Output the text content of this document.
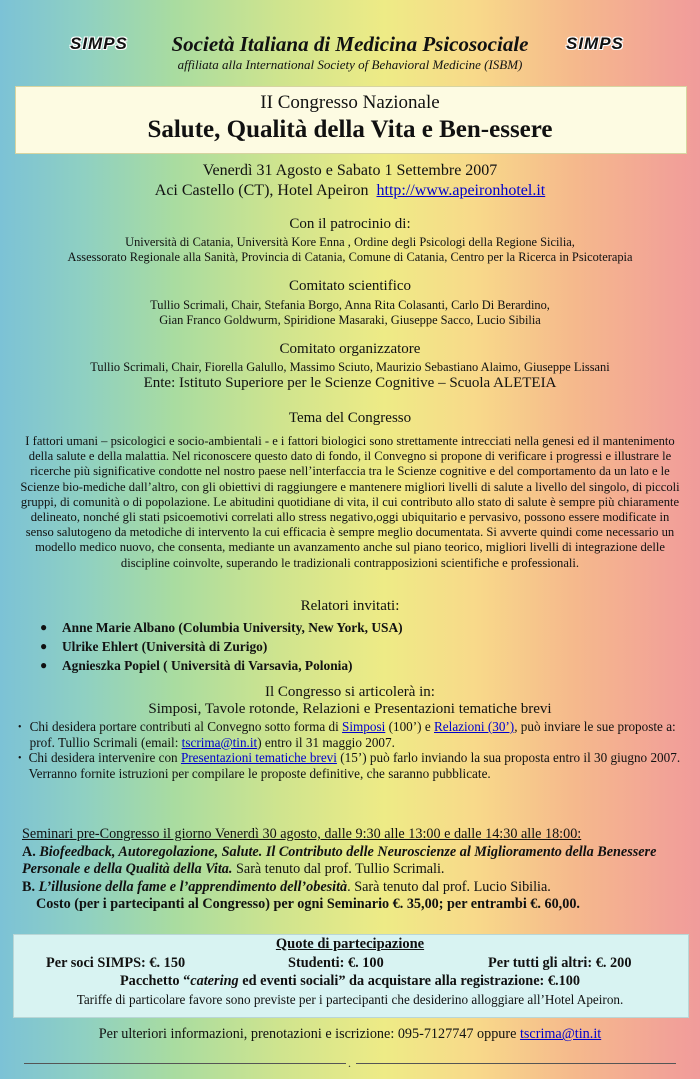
SIMPS	SIMPS
Società Italiana di Medicina Psicosociale
affiliata alla International Society of Behavioral Medicine (ISBM)
II Congresso Nazionale
Salute, Qualità della Vita e Ben-essere
Venerdì 31 Agosto e Sabato 1 Settembre 2007
Aci Castello (CT), Hotel Apeiron http://www.apeironhotel.it
Con il patrocinio di:
Università di Catania, Università Kore Enna , Ordine degli Psicologi della Regione Sicilia,
Assessorato Regionale alla Sanità, Provincia di Catania, Comune di Catania, Centro per la Ricerca in Psicoterapia
Comitato scientifico
Tullio Scrimali, Chair, Stefania Borgo, Anna Rita Colasanti, Carlo Di Berardino,
Gian Franco Goldwurm, Spiridione Masaraki, Giuseppe Sacco, Lucio Sibilia
Comitato organizzatore
Tullio Scrimali, Chair, Fiorella Galullo, Massimo Sciuto, Maurizio Sebastiano Alaimo, Giuseppe Lissani
Ente: Istituto Superiore per le Scienze Cognitive – Scuola ALETEIA
Tema del Congresso
I fattori umani – psicologici e socio-ambientali - e i fattori biologici sono strettamente intrecciati nella genesi ed il mantenimento della salute e della malattia. Nel riconoscere questo dato di fondo, il Convegno si propone di verificare i progressi e illustrare le ricerche più significative condotte nel nostro paese nell’interfaccia tra le Scienze cognitive e del comportamento da un lato e le Scienze bio-mediche dall’altro, con gli obiettivi di raggiungere e mantenere migliori livelli di salute a livello del singolo, di piccoli gruppi, di comunità o di popolazione. Le abitudini quotidiane di vita, il cui contributo allo stato di salute è sempre più chiaramente delineato, nonché gli stati psicoemotivi correlati allo stress negativo,oggi ubiquitario e pervasivo, possono essere modificate in senso salutogeno da metodiche di intervento la cui efficacia è sempre meglio documentata. Si avverte quindi come necessario un modello medico nuovo, che consenta, mediante un avanzamento anche sul piano teorico, migliori livelli di integrazione delle discipline coinvolte, superando le tradizionali contrapposizioni scientifiche e professionali.
Relatori invitati:
●	Anne Marie Albano (Columbia University, New York, USA)
●	Ulrike Ehlert (Università di Zurigo)
●	Agnieszka Popiel ( Università di Varsavia, Polonia)
Il Congresso si articolerà in:
Simposi, Tavole rotonde, Relazioni e Presentazioni tematiche brevi
• Chi desidera portare contributi al Convegno sotto forma di Simposi (100’) e Relazioni (30’), può inviare le sue proposte a: prof. Tullio Scrimali (email: tscrima@tin.it) entro il 31 maggio 2007.
• Chi desidera intervenire con Presentazioni tematiche brevi (15’) può farlo inviando la sua proposta entro il 30 giugno 2007. Verranno fornite istruzioni per compilare le proposte definitive, che saranno pubblicate.
Seminari pre-Congresso il giorno Venerdì 30 agosto, dalle 9:30 alle 13:00 e dalle 14:30 alle 18:00:
A. Biofeedback, Autoregolazione, Salute. Il Contributo delle Neuroscienze al Miglioramento della Benessere Personale e della Qualità della Vita. Sarà tenuto dal prof. Tullio Scrimali.
B. L’illusione della fame e l’apprendimento dell’obesità. Sarà tenuto dal prof. Lucio Sibilia.
Costo (per i partecipanti al Congresso) per ogni Seminario €. 35,00; per entrambi €. 60,00.
Quote di partecipazione
Per soci SIMPS: €. 150	Studenti: €. 100	Per tutti gli altri: €. 200
Pacchetto “catering ed eventi sociali” da acquistare alla registrazione: €.100
Tariffe di particolare favore sono previste per i partecipanti che desiderino alloggiare all’Hotel Apeiron.
Per ulteriori informazioni, prenotazioni e iscrizione: 095-7127747 oppure tscrima@tin.it
.
